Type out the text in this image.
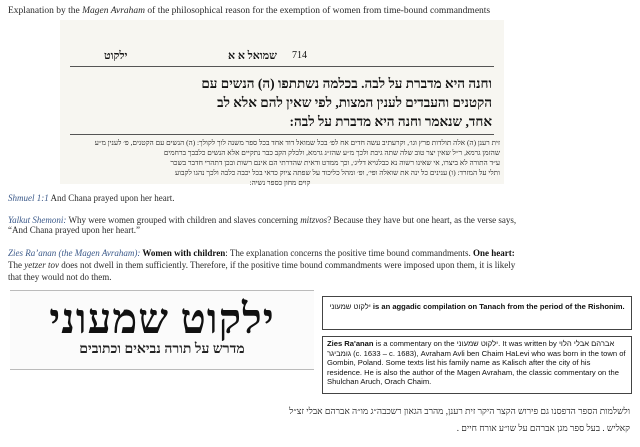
Explanation by the Magen Avraham of the philosophical reason for the exemption of women from time-bound commandments
714
שמואל א א
ילקוט
וחנה היא מדברת על לבה. בכלמה נשתתפו (ה) הנשים עם
הקטנים והעבדים לענין המצות, לפי שאין להם אלא לב
אחד, שנאמר וחנה היא מדברת על לבה:
זית רענן (ה) אלה תולדות פרץ וגו׳, וקרעתיב עשה חדים אח לפ׳ בכל שמואל דוד אחד בכל ספר משנה לוך לקולך: (ה) הנשים עם הקטנים, פ׳ לענין מ״ע
שהזמן גרמא, ר״ל שאין יצר טוב שלה שתה גיבת ולכך מ״ע שהז״ג גרמא, ולכלק הקב כבר נתקיים אלא הנשים כלבבך ברחמים
ע״ד התורה לא ביצרו, אי שאינו רשוה נא כבלגויא דליג׳, וכך ממדט ודאית שהדרתי הם אינם רשות ובכן דתהרי חדבר בשכר
ותלי על המזרד: (ו) ענינים כל ינה את שואלה ופי׳, ופ׳ ומהל כליכוד על שפתה ציוק כדאי בכל יכבה כלבה ולכך נהגו לקבוע
קוים מחון כספר נשיה:
Shmuel 1:1 And Chana prayed upon her heart.
Yalkut Shemoni: Why were women grouped with children and slaves concerning mitzvos? Because they have but one heart, as the verse says,
“And Chana prayed upon her heart.”
Zies Ra’anan (the Magen Avraham): Women with children: The explanation concerns the positive time bound commandments. One heart:
The yetzer tov does not dwell in them sufficiently. Therefore, if the positive time bound commandments were imposed upon them, it is likely
that they would not do them.
ילקוט שמעוני
מדרש על תורה נביאים וכתובים
ילקוט שמעוני is an aggadic compilation on Tanach from the period of the Rishonim.
Zies Ra'anan is a commentary on the ילקוט שמעוני. It was written by אברהם אבלי הלוי גומביגר (c. 1633 – c. 1683), Avraham Avli ben Chaim HaLevi who was born in the town of Gombin, Poland. Some texts list his family name as Kalisch after the city of his residence. He is also the author of the Magen Avraham, the classic commentary on the Shulchan Aruch, Orach Chaim.
ולשלמות הספר הדפסנו גם פירוש הקצר היקר זית רענן, מהרב הגאון רשכבה״ג מו״ה אברהם אבלי זצ״ל
קאליש . בעל ספר מגן אברהם על שו״ע אורח חיים .
